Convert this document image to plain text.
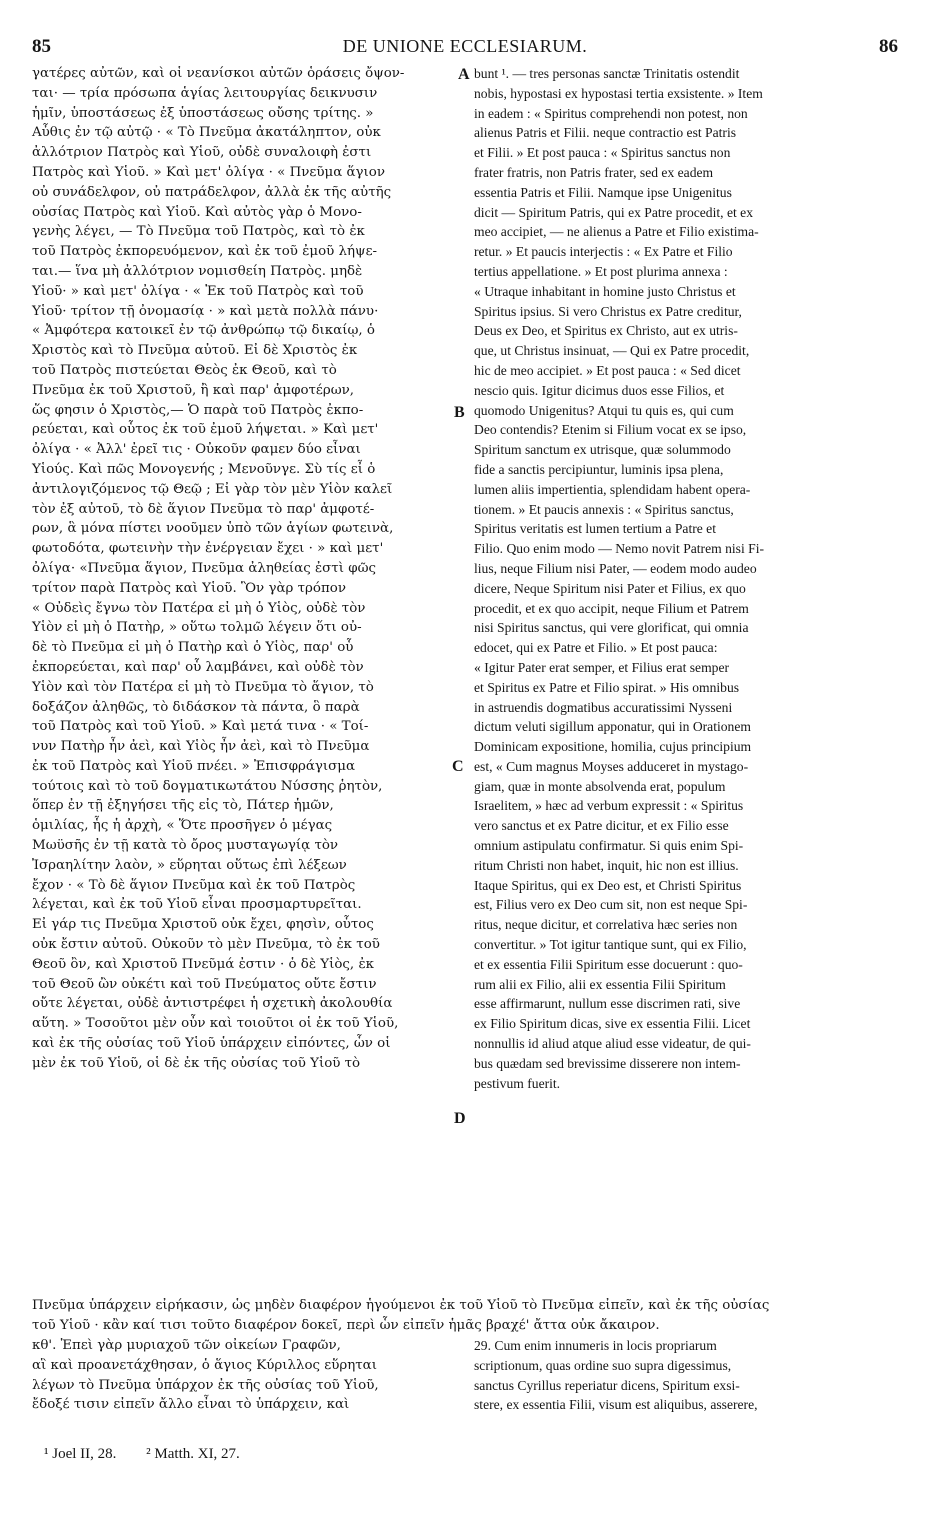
85	DE UNIONE ECCLESIARUM.	86
γατέρες αὐτῶν, καὶ οἱ νεανίσκοι αὐτῶν ὁράσεις ὄψον-
ται· — τρία πρόσωπα ἁγίας λειτουργίας δεικνυσιν
ἡμῖν, ὑποστάσεως ἐξ ὑποστάσεως οὔσης τρίτης. »
Αὖθις ἐν τῷ αὐτῷ · « Τὸ Πνεῦμα ἀκατάληπτον, οὐκ
ἀλλότριον Πατρὸς καὶ Υἱοῦ, οὐδὲ συναλοιφὴ ἐστι
Πατρὸς καὶ Υἱοῦ. » Καὶ μετ' ὀλίγα · « Πνεῦμα ἅγιον
οὐ συνάδελφον, οὐ πατράδελφον, ἀλλὰ ἐκ τῆς αὐτῆς
οὐσίας Πατρὸς καὶ Υἱοῦ. Καὶ αὐτὸς γὰρ ὁ Μονο-
γενὴς λέγει, — Τὸ Πνεῦμα τοῦ Πατρὸς, καὶ τὸ ἐκ
τοῦ Πατρὸς ἐκπορευόμενον, καὶ ἐκ τοῦ ἐμοῦ λήψε-
ται.— ἵνα μὴ ἀλλότριον νομισθείη Πατρὸς. μηδὲ
Υἱοῦ· » καὶ μετ' ὀλίγα · « Ἐκ τοῦ Πατρὸς καὶ τοῦ
Υἱοῦ· τρίτον τῇ ὀνομασίᾳ · » καὶ μετὰ πολλὰ πάνυ·
« Ἀμφότερα κατοικεῖ ἐν τῷ ἀνθρώπῳ τῷ δικαίῳ, ὁ
Χριστὸς καὶ τὸ Πνεῦμα αὐτοῦ. Εἰ δὲ Χριστὸς ἐκ
τοῦ Πατρὸς πιστεύεται Θεὸς ἐκ Θεοῦ, καὶ τὸ
Πνεῦμα ἐκ τοῦ Χριστοῦ, ἢ καὶ παρ' ἀμφοτέρων,
ὥς φησιν ὁ Χριστὸς,— Ὁ παρὰ τοῦ Πατρὸς ἐκπο-
ρεύεται, καὶ οὗτος ἐκ τοῦ ἐμοῦ λήψεται. » Καὶ μετ'
ὀλίγα · « Ἀλλ' ἐρεῖ τις · Οὐκοῦν φαμεν δύο εἶναι
Υἱούς. Καὶ πῶς Μονογενής ; Μενοῦνγε. Σὺ τίς εἶ ὁ
ἀντιλογιζόμενος τῷ Θεῷ ; Εἰ γὰρ τὸν μὲν Υἱὸν καλεῖ
τὸν ἐξ αὐτοῦ, τὸ δὲ ἅγιον Πνεῦμα τὸ παρ' ἀμφοτέ-
ρων, ἃ μόνα πίστει νοοῦμεν ὑπὸ τῶν ἁγίων φωτεινὰ,
φωτοδότα, φωτεινὴν τὴν ἐνέργειαν ἔχει · » καὶ μετ'
ὀλίγα· «Πνεῦμα ἅγιον, Πνεῦμα ἀληθείας ἐστὶ φῶς
τρίτον παρὰ Πατρὸς καὶ Υἱοῦ. Ὃν γὰρ τρόπον
« Οὐδεὶς ἔγνω τὸν Πατέρα εἰ μὴ ὁ Υἱὸς, οὐδὲ τὸν
Υἱὸν εἰ μὴ ὁ Πατὴρ, » οὕτω τολμῶ λέγειν ὅτι οὐ-
δὲ τὸ Πνεῦμα εἰ μὴ ὁ Πατὴρ καὶ ὁ Υἱὸς, παρ' οὗ
ἐκπορεύεται, καὶ παρ' οὗ λαμβάνει, καὶ οὐδὲ τὸν
Υἱὸν καὶ τὸν Πατέρα εἰ μὴ τὸ Πνεῦμα τὸ ἅγιον, τὸ
δοξάζον ἀληθῶς, τὸ διδάσκον τὰ πάντα, ὃ παρὰ
τοῦ Πατρὸς καὶ τοῦ Υἱοῦ. » Καὶ μετά τινα · « Τοί-
νυν Πατὴρ ἦν ἀεὶ, καὶ Υἱὸς ἦν ἀεὶ, καὶ τὸ Πνεῦμα
ἐκ τοῦ Πατρὸς καὶ Υἱοῦ πνέει. » Ἐπισφράγισμα
τούτοις καὶ τὸ τοῦ δογματικωτάτου Νύσσης ῥητὸν,
ὅπερ ἐν τῇ ἐξηγήσει τῆς εἰς τὸ, Πάτερ ἡμῶν,
ὁμιλίας, ἧς ἡ ἀρχὴ, « Ὅτε προσῆγεν ὁ μέγας
Μωϋσῆς ἐν τῇ κατὰ τὸ ὄρος μυσταγωγίᾳ τὸν
Ἰσραηλίτην λαὸν, » εὕρηται οὕτως ἐπὶ λέξεων
ἔχον · « Τὸ δὲ ἅγιον Πνεῦμα καὶ ἐκ τοῦ Πατρὸς
λέγεται, καὶ ἐκ τοῦ Υἱοῦ εἶναι προσμαρτυρεῖται.
Εἰ γάρ τις Πνεῦμα Χριστοῦ οὐκ ἔχει, φησὶν, οὗτος
οὐκ ἔστιν αὐτοῦ. Οὐκοῦν τὸ μὲν Πνεῦμα, τὸ ἐκ τοῦ
Θεοῦ ὂν, καὶ Χριστοῦ Πνεῦμά ἐστιν · ὁ δὲ Υἱὸς, ἐκ
τοῦ Θεοῦ ὢν οὐκέτι καὶ τοῦ Πνεύματος οὔτε ἔστιν
οὔτε λέγεται, οὐδὲ ἀντιστρέφει ἡ σχετικὴ ἀκολουθία
αὕτη. » Τοσοῦτοι μὲν οὖν καὶ τοιοῦτοι οἱ ἐκ τοῦ Υἱοῦ,
καὶ ἐκ τῆς οὐσίας τοῦ Υἱοῦ ὑπάρχειν εἰπόντες, ὧν οἱ
μὲν ἐκ τοῦ Υἱοῦ, οἱ δὲ ἐκ τῆς οὐσίας τοῦ Υἱοῦ τὸ
bunt ¹. — tres personas sanctæ Trinitatis ostendit
nobis, hypostasi ex hypostasi tertia exsistente. » Item
in eadem : « Spiritus comprehendi non potest, non
alienus Patris et Filii. neque contractio est Patris
et Filii. » Et post pauca : « Spiritus sanctus non
frater fratris, non Patris frater, sed ex eadem
essentia Patris et Filii. Namque ipse Unigenitus
dicit — Spiritum Patris, qui ex Patre procedit, et ex
meo accipiet, — ne alienus a Patre et Filio existima-
retur. » Et paucis interjectis : « Ex Patre et Filio
tertius appellatione. » Et post plurima annexa :
« Utraque inhabitant in homine justo Christus et
Spiritus ipsius. Si vero Christus ex Patre creditur,
Deus ex Deo, et Spiritus ex Christo, aut ex utris-
que, ut Christus insinuat, — Qui ex Patre procedit,
hic de meo accipiet. » Et post pauca : « Sed dicet
nescio quis. Igitur dicimus duos esse Filios, et
quomodo Unigenitus? Atqui tu quis es, qui cum
Deo contendis? Etenim si Filium vocat ex se ipso,
Spiritum sanctum ex utrisque, quæ solummodo
fide a sanctis percipiuntur, luminis ipsa plena,
lumen aliis impertientia, splendidam habent opera-
tionem. » Et paucis annexis : « Spiritus sanctus,
Spiritus veritatis est lumen tertium a Patre et
Filio. Quo enim modo — Nemo novit Patrem nisi Fi-
lius, neque Filium nisi Pater, — eodem modo audeo
dicere, Neque Spiritum nisi Pater et Filius, ex quo
procedit, et ex quo accipit, neque Filium et Patrem
nisi Spiritus sanctus, qui vere glorificat, qui omnia
edocet, qui ex Patre et Filio. » Et post pauca:
« Igitur Pater erat semper, et Filius erat semper
et Spiritus ex Patre et Filio spirat. » His omnibus
in astruendis dogmatibus accuratissimi Nysseni
dictum veluti sigillum apponatur, qui in Orationem
Dominicam expositione, homilia, cujus principium
est, « Cum magnus Moyses adduceret in mystago-
giam, quæ in monte absolvenda erat, populum
Israelitem, » hæc ad verbum expressit : « Spiritus
vero sanctus et ex Patre dicitur, et ex Filio esse
omnium astipulatu confirmatur. Si quis enim Spi-
ritum Christi non habet, inquit, hic non est illius.
Itaque Spiritus, qui ex Deo est, et Christi Spiritus
est, Filius vero ex Deo cum sit, non est neque Spi-
ritus, neque dicitur, et correlativa hæc series non
convertitur. » Tot igitur tantique sunt, qui ex Filio,
et ex essentia Filii Spiritum esse docuerunt : quo-
rum alii ex Filio, alii ex essentia Filii Spiritum
esse affirmarunt, nullum esse discrimen rati, sive
ex Filio Spiritum dicas, sive ex essentia Filii. Licet
nonnullis id aliud atque aliud esse videatur, de qui-
bus quædam sed brevissime disserere non intem-
pestivum fuerit.
A
B
C
D
Πνεῦμα ὑπάρχειν εἰρήκασιν, ὡς μηδὲν διαφέρον ἡγούμενοι ἐκ τοῦ Υἱοῦ τὸ Πνεῦμα εἰπεῖν, καὶ ἐκ τῆς οὐσίας
τοῦ Υἱοῦ · κἂν καί τισι τοῦτο διαφέρον δοκεῖ, περὶ ὧν εἰπεῖν ἡμᾶς βραχέ' ἄττα οὐκ ἄκαιρον.
κθ'. Ἐπεὶ γὰρ μυριαχοῦ τῶν οἰκείων Γραφῶν,
αἳ καὶ προανετάχθησαν, ὁ ἅγιος Κύριλλος εὕρηται
λέγων τὸ Πνεῦμα ὑπάρχον ἐκ τῆς οὐσίας τοῦ Υἱοῦ,
ἔδοξέ τισιν εἰπεῖν ἄλλο εἶναι τὸ ὑπάρχειν, καὶ
29. Cum enim innumeris in locis propriarum
scriptionum, quas ordine suo supra digessimus,
sanctus Cyrillus reperiatur dicens, Spiritum exsi-
stere, ex essentia Filii, visum est aliquibus, asserere,
¹ Joel II, 28. ² Matth. XI, 27.
